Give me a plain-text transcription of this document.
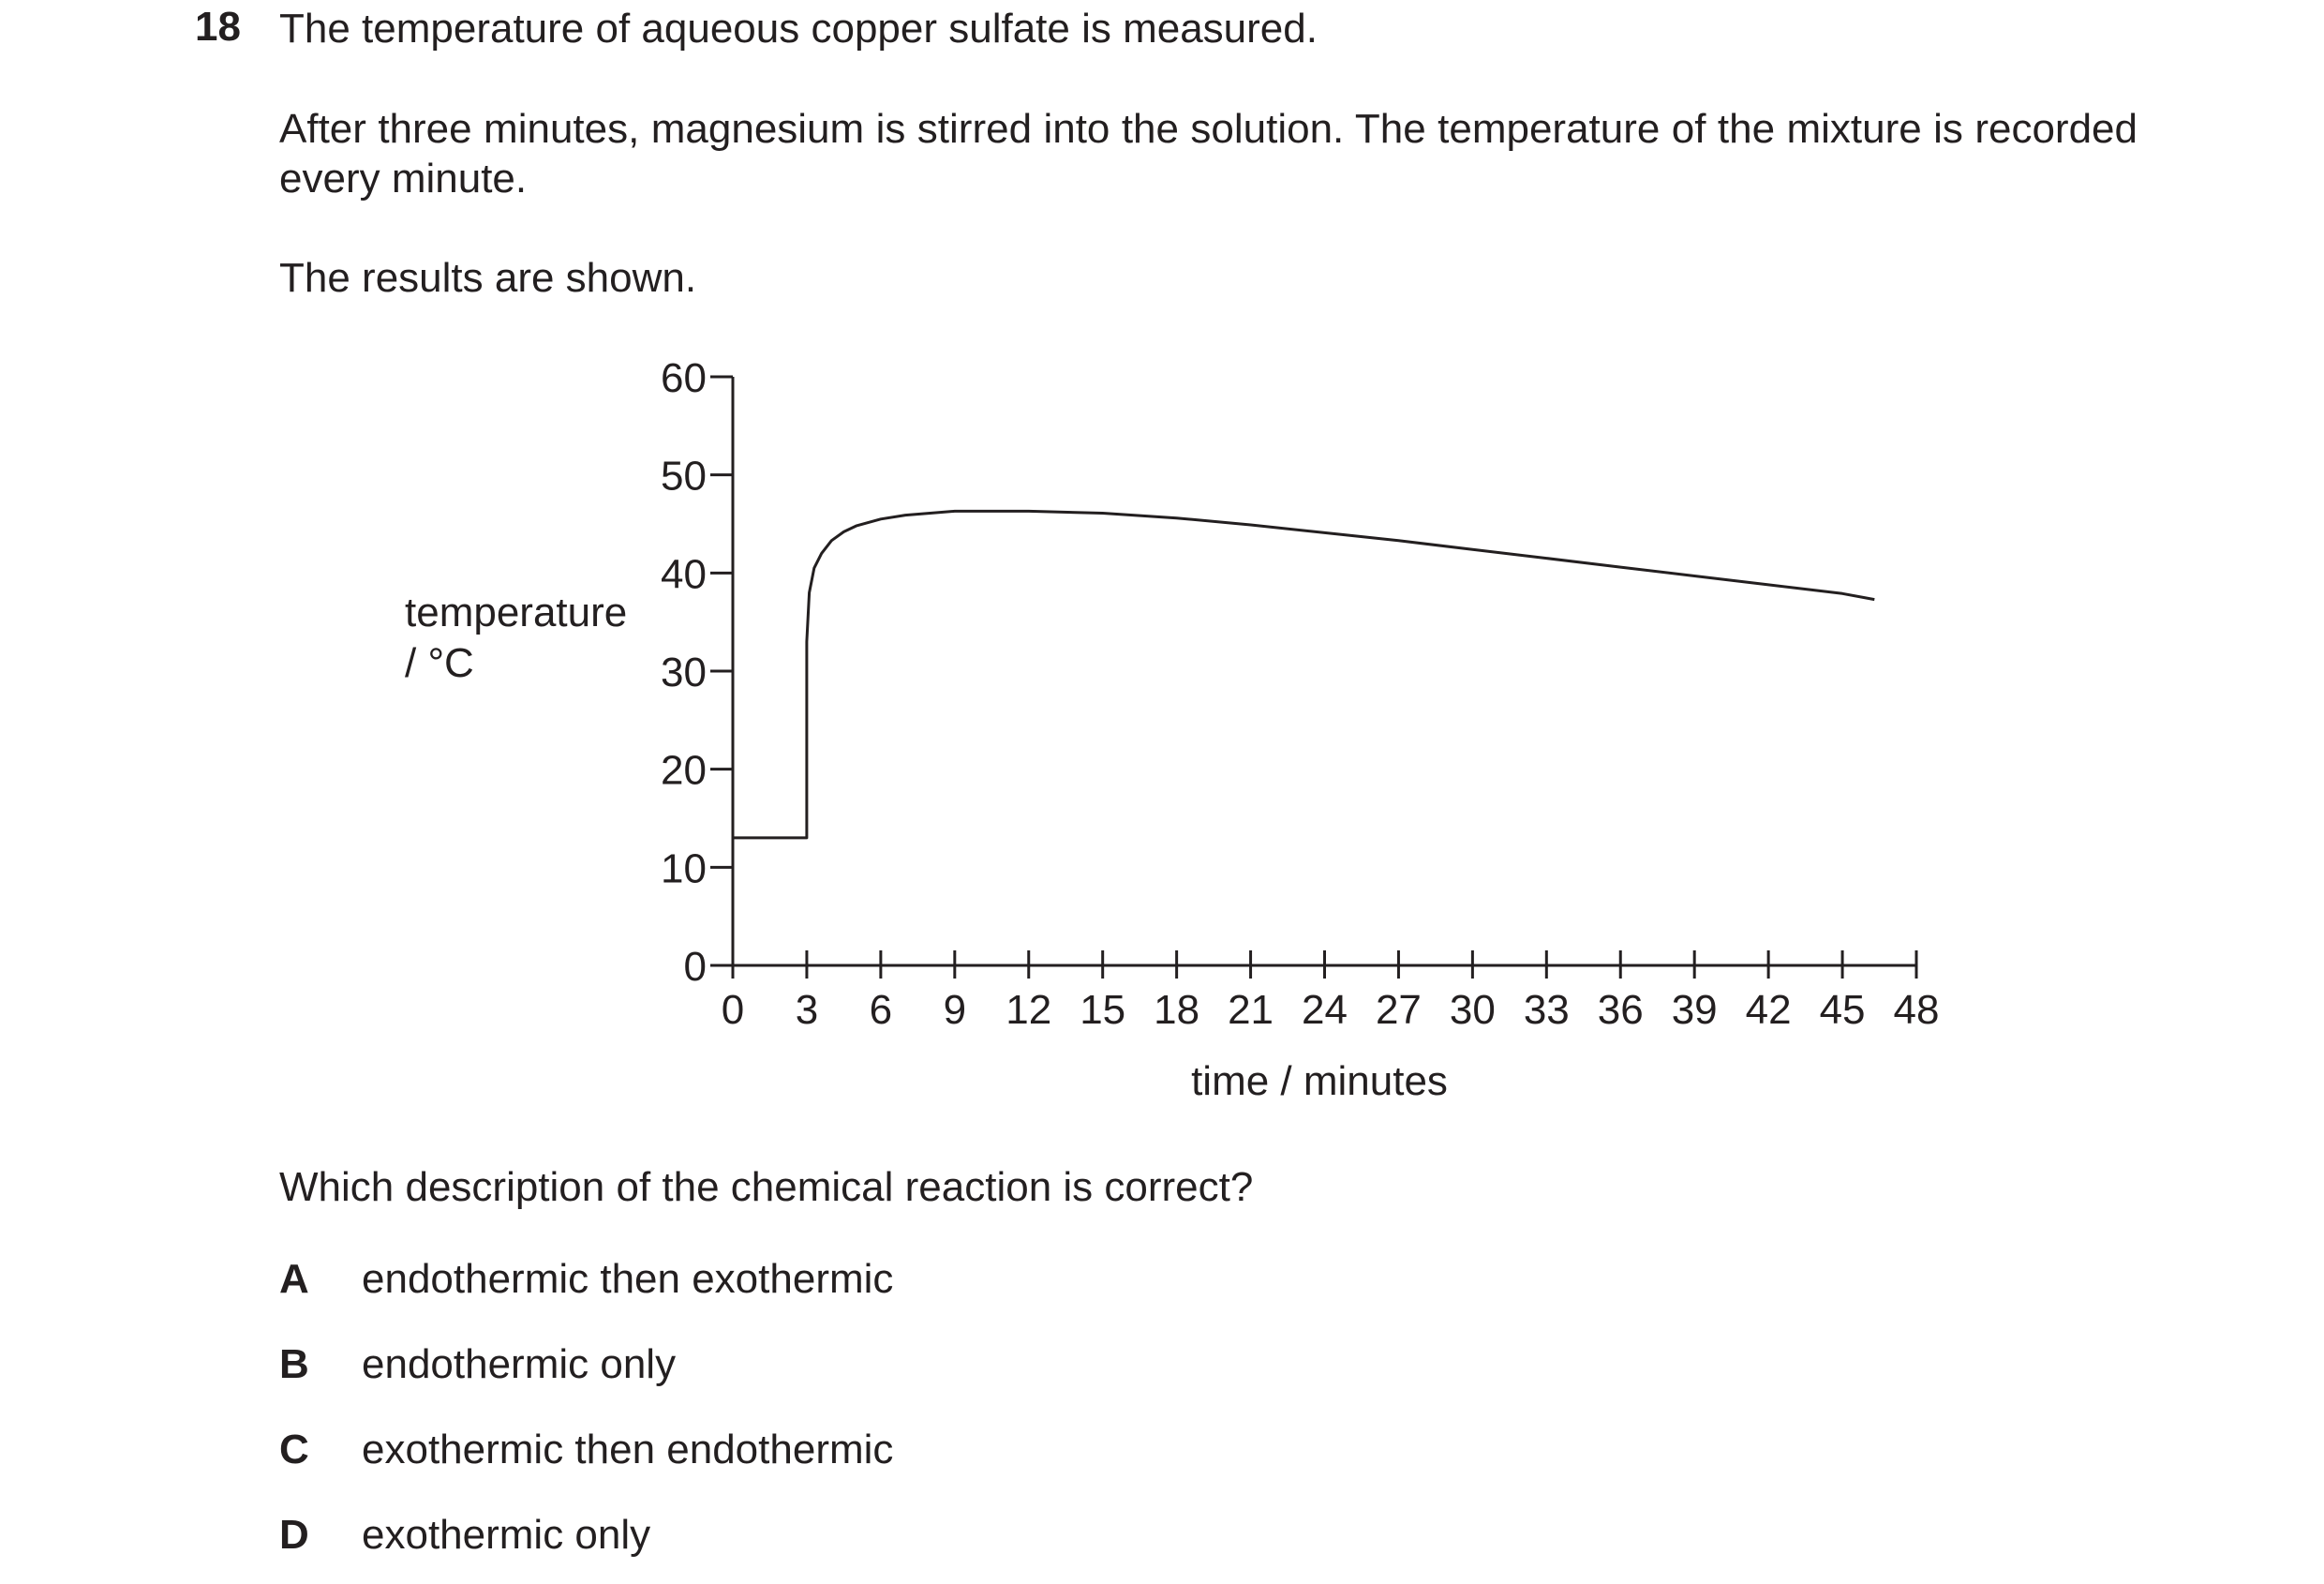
18 The temperature of aqueous copper sulfate is measured.
After three minutes, magnesium is stirred into the solution. The temperature of the mixture is recorded every minute.
The results are shown.
temperature
/ °C
0 3 6 9 12 15 18 21 24 27 30 33 36 39 42 45 48
0
10
20
30
40
50
60
time / minutes
Which description of the chemical reaction is correct?
A endothermic then exothermic
B endothermic only
C exothermic then endothermic
D exothermic only
